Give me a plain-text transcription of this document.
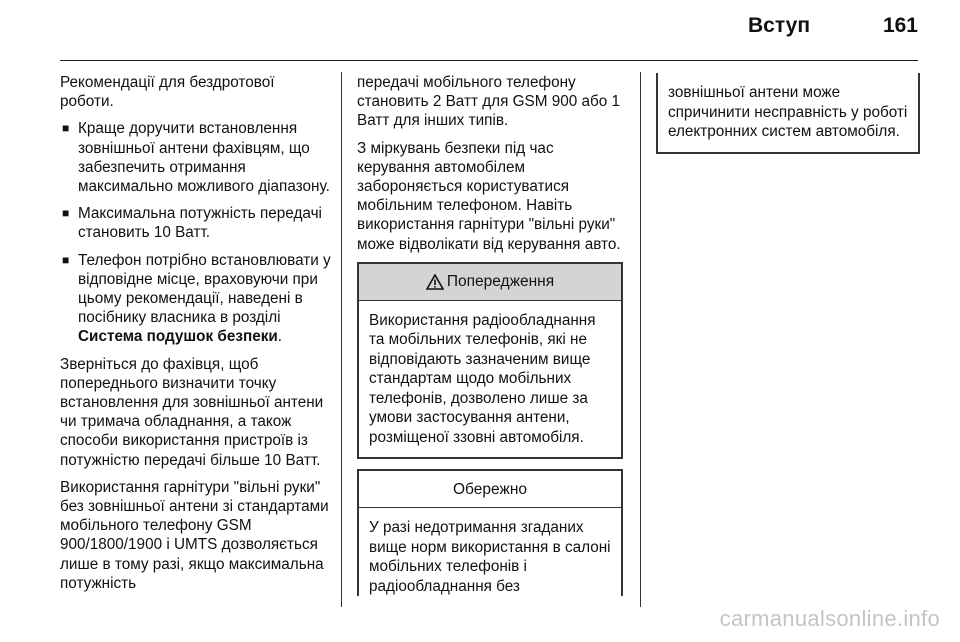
Вступ	161

Рекомендації для бездротової роботи.

■ Краще доручити встановлення зовнішньої антени фахівцям, що забезпечить отримання максимально можливого діапазону.
■ Максимальна потужність передачі становить 10 Ватт.
■ Телефон потрібно встановлювати у відповідне місце, враховуючи при цьому рекомендації, наведені в посібнику власника в розділі Система подушок безпеки.

Зверніться до фахівця, щоб попереднього визначити точку встановлення для зовнішньої антени чи тримача обладнання, а також способи використання пристроїв із потужністю передачі більше 10 Ватт.

Використання гарнітури "вільні руки" без зовнішньої антени зі стандартами мобільного телефону GSM 900/1800/1900 і UMTS дозволяється лише в тому разі, якщо максимальна потужність

передачі мобільного телефону становить 2 Ватт для GSM 900 або 1 Ватт для інших типів.

З міркувань безпеки під час керування автомобілем забороняється користуватися мобільним телефоном. Навіть використання гарнітури "вільні руки" може відволікати від керування авто.

Попередження
Використання радіообладнання та мобільних телефонів, які не відповідають зазначеним вище стандартам щодо мобільних телефонів, дозволено лише за умови застосування антени, розміщеної ззовні автомобіля.
Обережно
У разі недотримання згаданих вище норм використання в салоні мобільних телефонів і радіообладнання без
зовнішньої антени може спричинити несправність у роботі електронних систем автомобіля.
carmanualsonline.info
